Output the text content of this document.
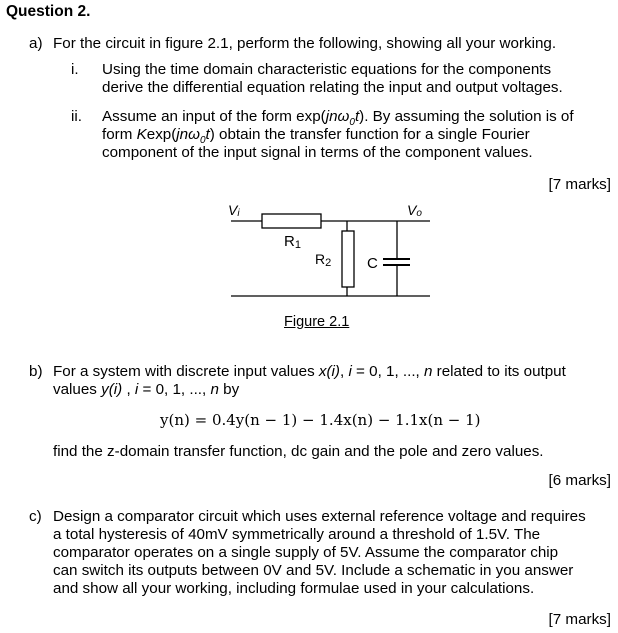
Question 2.
a) For the circuit in figure 2.1, perform the following, showing all your working.
i. Using the time domain characteristic equations for the components
derive the differential equation relating the input and output voltages.
ii. Assume an input of the form exp(jnω$_0$t). By assuming the solution is of
form Kexp(jnω$_0$t) obtain the transfer function for a single Fourier
component of the input signal in terms of the component values.
[7 marks]
Vi	Vo
R1
R2 C
Figure 2.1
b) For a system with discrete input values x(i), i = 0, 1, ..., n related to its output
values y(i) , i = 0, 1, ..., n by
y(n) = 0.4y(n − 1) − 1.4x(n) − 1.1x(n − 1)
find the z-domain transfer function, dc gain and the pole and zero values.
[6 marks]
c) Design a comparator circuit which uses external reference voltage and requires
a total hysteresis of 40mV symmetrically around a threshold of 1.5V. The
comparator operates on a single supply of 5V. Assume the comparator chip
can switch its outputs between 0V and 5V. Include a schematic in you answer
and show all your working, including formulae used in your calculations.
[7 marks]
